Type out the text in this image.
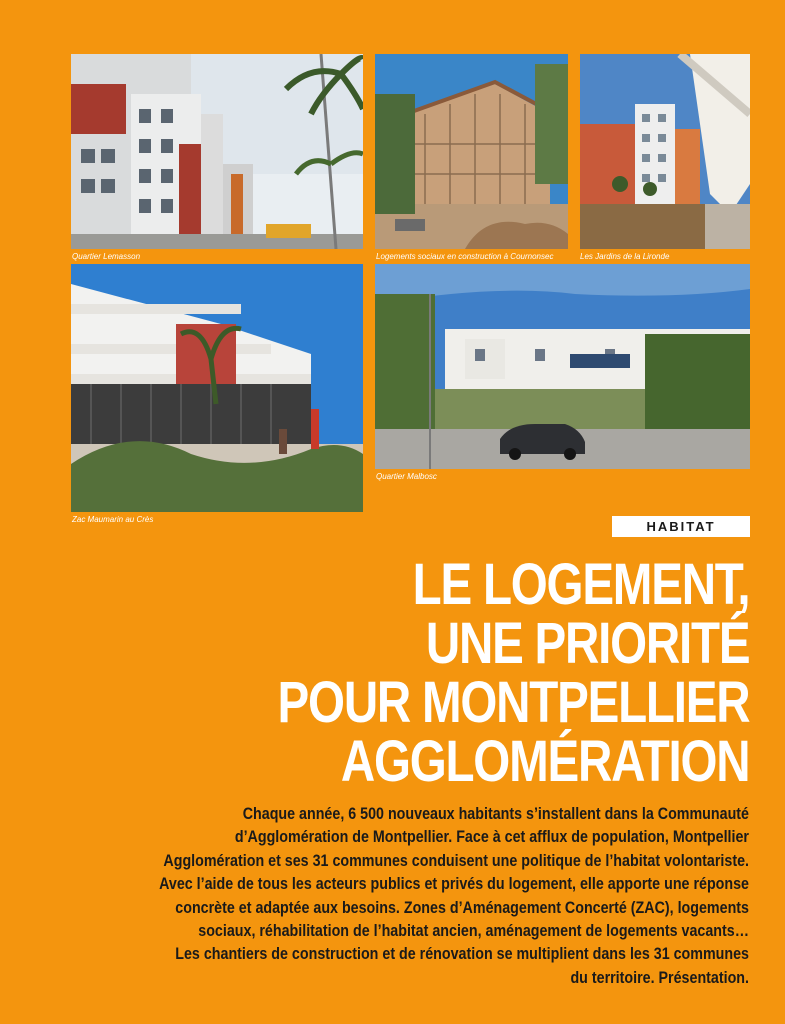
Quartier Lemasson	Logements sociaux en construction à Cournonsec	Les Jardins de la Lironde
Zac Maumarin au Crès
Quartier Malbosc
HABITAT
LE LOGEMENT,
UNE PRIORITÉ
POUR MONTPELLIER
AGGLOMÉRATION
Chaque année, 6 500 nouveaux habitants s’installent dans la Communauté
d’Agglomération de Montpellier. Face à cet afflux de population, Montpellier
Agglomération et ses 31 communes conduisent une politique de l’habitat volontariste.
Avec l’aide de tous les acteurs publics et privés du logement, elle apporte une réponse
concrète et adaptée aux besoins. Zones d’Aménagement Concerté (ZAC), logements
sociaux, réhabilitation de l’habitat ancien, aménagement de logements vacants…
Les chantiers de construction et de rénovation se multiplient dans les 31 communes
du territoire. Présentation.
